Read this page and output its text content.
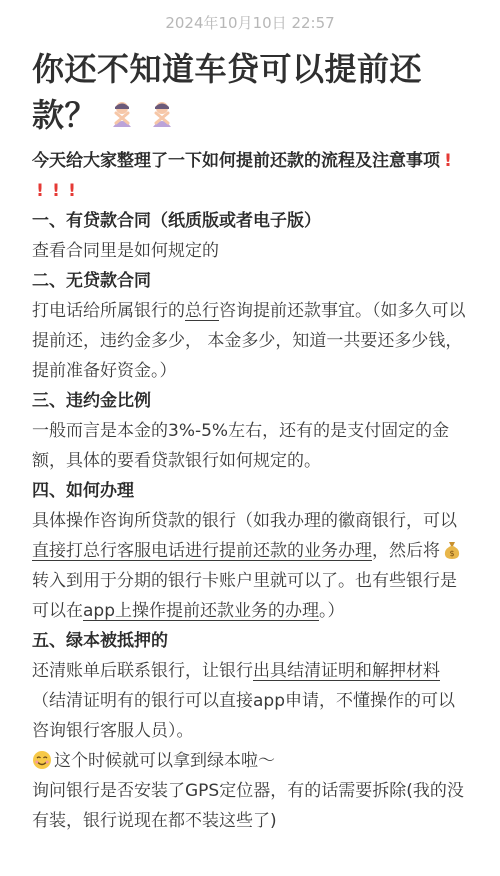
2024年10月10日 22:57
你还不知道车贷可以提前还款？
今天给大家整理了一下如何提前还款的流程及注意事项 !! ! !
一、有贷款合同（纸质版或者电子版）
查看合同里是如何规定的
二、无贷款合同
打电话给所属银行的总行咨询提前还款事宜。（如多久可以提前还，违约金多少， 本金多少，知道一共要还多少钱，提前准备好资金。）
三、违约金比例
一般而言是本金的3%-5%左右，还有的是支付固定的金额，具体的要看贷款银行如何规定的。
四、如何办理
具体操作咨询所贷款的银行（如我办理的徽商银行，可以直接打总行客服电话进行提前还款的业务办理，然后将 $
转入到用于分期的银行卡账户里就可以了。也有些银行是可以在app上操作提前还款业务的办理。）
五、绿本被抵押的
还清账单后联系银行，让银行出具结清证明和解押材料（结清证明有的银行可以直接app申请，不懂操作的可以咨询银行客服人员）。
这个时候就可以拿到绿本啦～
询问银行是否安装了GPS定位器，有的话需要拆除(我的没有装，银行说现在都不装这些了)
